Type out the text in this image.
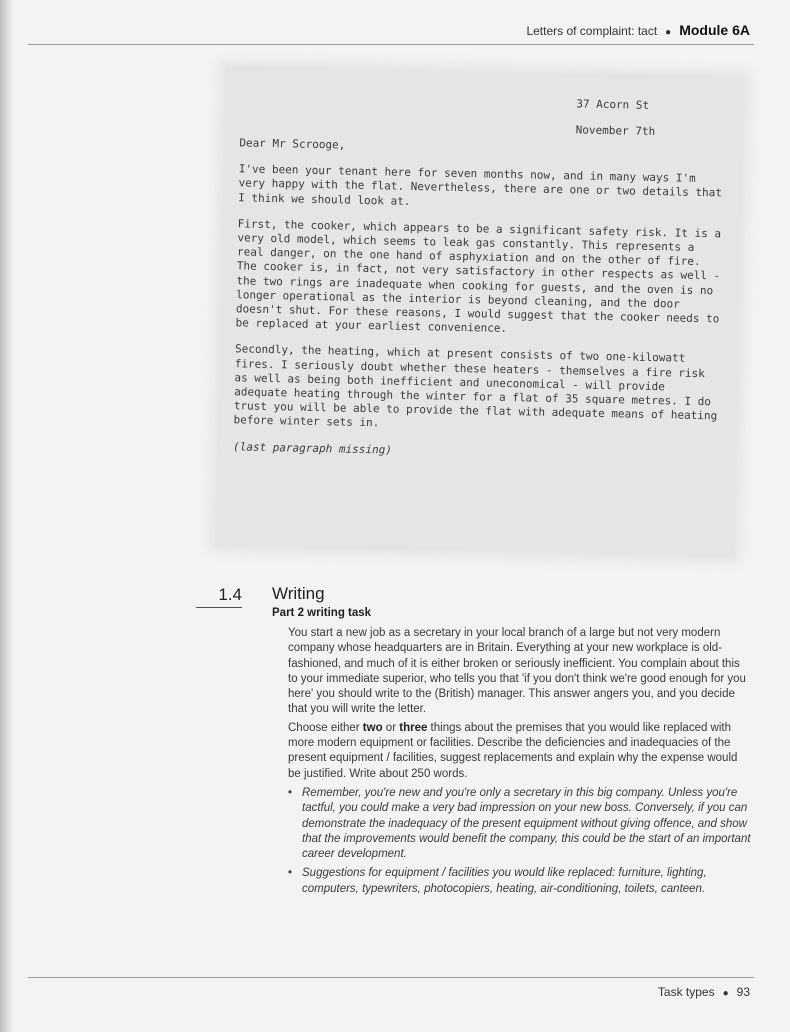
Letters of complaint: tact ● Module 6A
37 Acorn St
November 7th

Dear Mr Scrooge,

I've been your tenant here for seven months now, and in many ways I'm very happy with the flat. Nevertheless, there are one or two details that I think we should look at.

First, the cooker, which appears to be a significant safety risk. It is a very old model, which seems to leak gas constantly. This represents a real danger, on the one hand of asphyxiation and on the other of fire. The cooker is, in fact, not very satisfactory in other respects as well - the two rings are inadequate when cooking for guests, and the oven is no longer operational as the interior is beyond cleaning, and the door doesn't shut. For these reasons, I would suggest that the cooker needs to be replaced at your earliest convenience.

Secondly, the heating, which at present consists of two one-kilowatt fires. I seriously doubt whether these heaters - themselves a fire risk as well as being both inefficient and uneconomical - will provide adequate heating through the winter for a flat of 35 square metres. I do trust you will be able to provide the flat with adequate means of heating before winter sets in.

(last paragraph missing)

1.4 Writing
Part 2 writing task

You start a new job as a secretary in your local branch of a large but not very modern company whose headquarters are in Britain. Everything at your new workplace is old-fashioned, and much of it is either broken or seriously inefficient. You complain about this to your immediate superior, who tells you that 'if you don't think we're good enough for you here' you should write to the (British) manager. This answer angers you, and you decide that you will write the letter.

Choose either two or three things about the premises that you would like replaced with more modern equipment or facilities. Describe the deficiencies and inadequacies of the present equipment / facilities, suggest replacements and explain why the expense would be justified. Write about 250 words.

• Remember, you're new and you're only a secretary in this big company. Unless you're tactful, you could make a very bad impression on your new boss. Conversely, if you can demonstrate the inadequacy of the present equipment without giving offence, and show that the improvements would benefit the company, this could be the start of an important career development.
• Suggestions for equipment / facilities you would like replaced: furniture, lighting, computers, typewriters, photocopiers, heating, air-conditioning, toilets, canteen.
Task types ● 93
